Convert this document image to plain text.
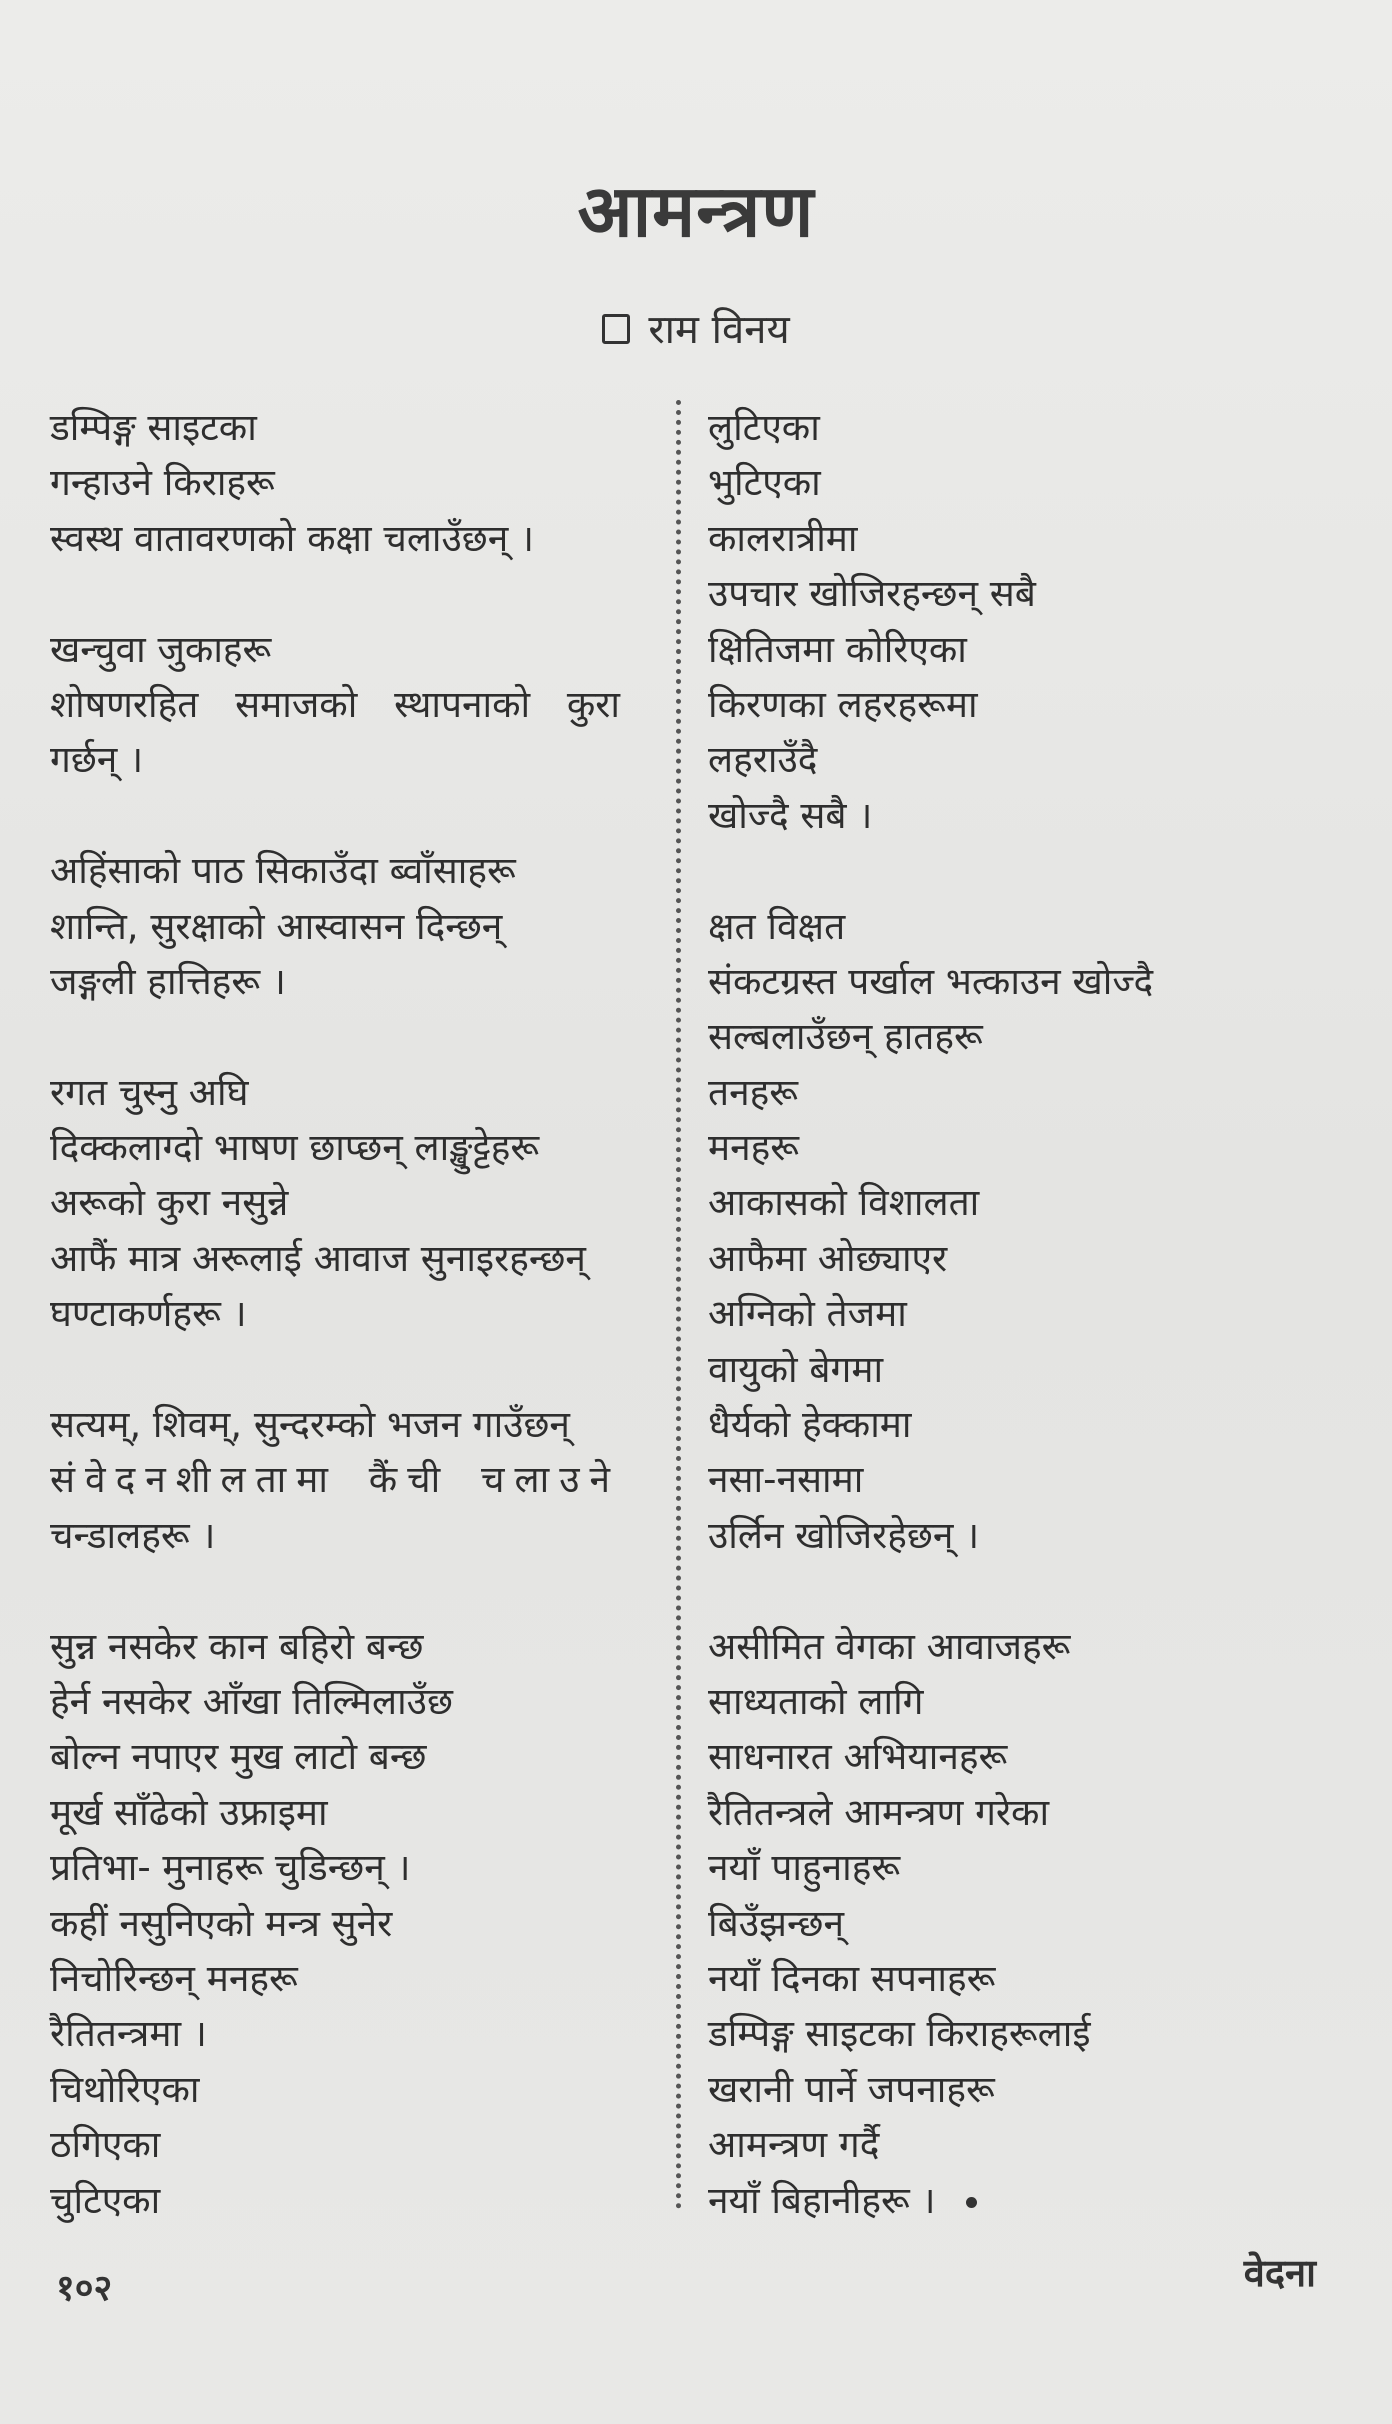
आमन्त्रण
राम विनय
डम्पिङ्ग साइटका
गन्हाउने किराहरू
स्वस्थ वातावरणको कक्षा चलाउँछन् ।
खन्चुवा जुकाहरू
शोषणरहित समाजको स्थापनाको कुरा
गर्छन् ।
अहिंसाको पाठ सिकाउँदा ब्वाँसाहरू
शान्ति, सुरक्षाको आस्वासन दिन्छन्
जङ्गली हात्तिहरू ।
रगत चुस्नु अघि
दिक्कलाग्दो भाषण छाप्छन् लाङ्खुट्टेहरू
अरूको कुरा नसुन्ने
आफैं मात्र अरूलाई आवाज सुनाइरहन्छन्
घण्टाकर्णहरू ।
सत्यम्, शिवम्, सुन्दरम्को भजन गाउँछन्
संवेदनशीलतामा कैंची चलाउने
चन्डालहरू ।
सुन्न नसकेर कान बहिरो बन्छ
हेर्न नसकेर आँखा तिल्मिलाउँछ
बोल्न नपाएर मुख लाटो बन्छ
मूर्ख साँढेको उफ्राइमा
प्रतिभा- मुनाहरू चुडिन्छन् ।
कहीं नसुनिएको मन्त्र सुनेर
निचोरिन्छन् मनहरू
रैतितन्त्रमा ।
चिथोरिएका
ठगिएका
चुटिएका
लुटिएका
भुटिएका
कालरात्रीमा
उपचार खोजिरहन्छन् सबै
क्षितिजमा कोरिएका
किरणका लहरहरूमा
लहराउँदै
खोज्दै सबै ।
क्षत विक्षत
संकटग्रस्त पर्खाल भत्काउन खोज्दै
सल्बलाउँछन् हातहरू
तनहरू
मनहरू
आकासको विशालता
आफैमा ओछ्याएर
अग्निको तेजमा
वायुको बेगमा
धैर्यको हेक्कामा
नसा-नसामा
उर्लिन खोजिरहेछन् ।
असीमित वेगका आवाजहरू
साध्यताको लागि
साधनारत अभियानहरू
रैतितन्त्रले आमन्त्रण गरेका
नयाँ पाहुनाहरू
बिउँझन्छन्
नयाँ दिनका सपनाहरू
डम्पिङ्ग साइटका किराहरूलाई
खरानी पार्ने जपनाहरू
आमन्त्रण गर्दै
नयाँ बिहानीहरू ।
१०२	वेदना
